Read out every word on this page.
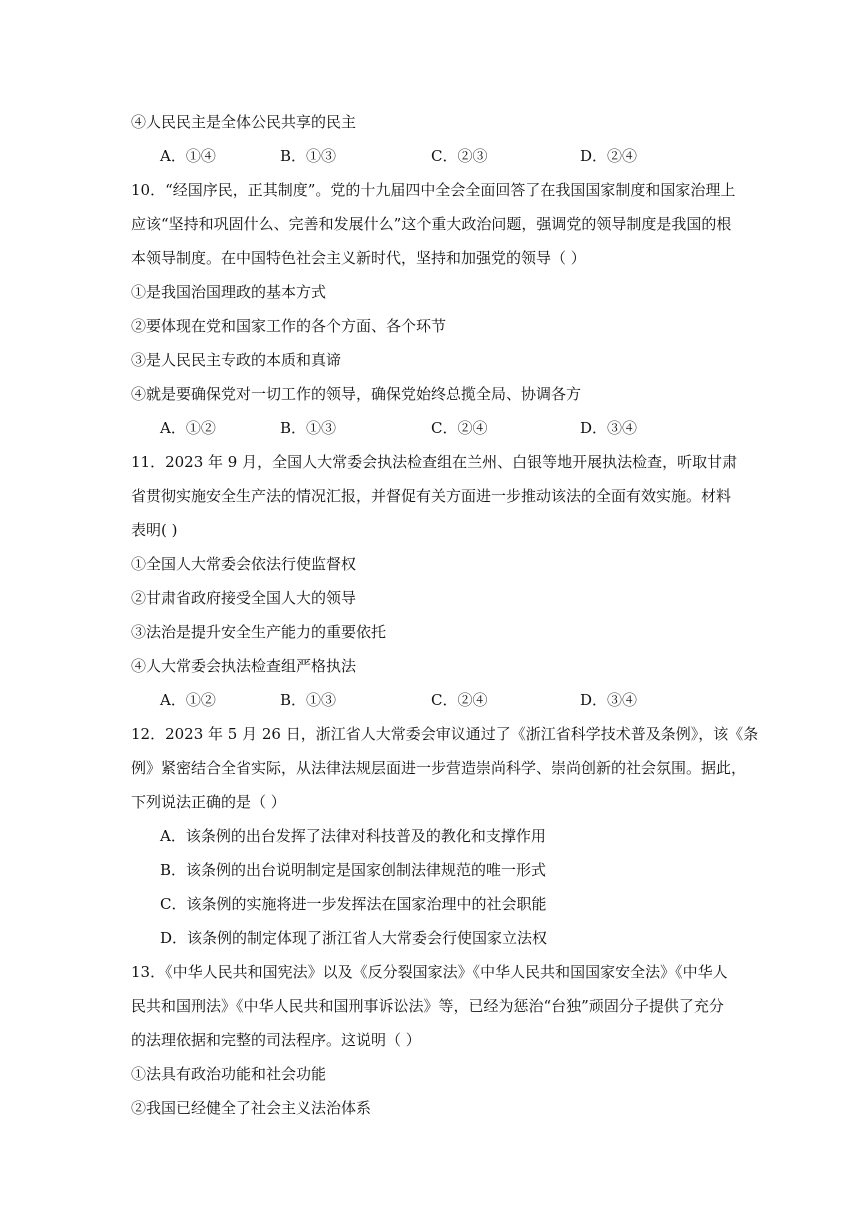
④人民民主是全体公民共享的民主
A．①④	B．①③	C．②③	D．②④
10．“经国序民，正其制度”。党的十九届四中全会全面回答了在我国国家制度和国家治理上
应该“坚持和巩固什么、完善和发展什么”这个重大政治问题，强调党的领导制度是我国的根
本领导制度。在中国特色社会主义新时代，坚持和加强党的领导（ ）
①是我国治国理政的基本方式
②要体现在党和国家工作的各个方面、各个环节
③是人民民主专政的本质和真谛
④就是要确保党对一切工作的领导，确保党始终总揽全局、协调各方
A．①②	B．①③	C．②④	D．③④
11．2023 年 9 月，全国人大常委会执法检查组在兰州、白银等地开展执法检查，听取甘肃
省贯彻实施安全生产法的情况汇报，并督促有关方面进一步推动该法的全面有效实施。材料
表明( )
①全国人大常委会依法行使监督权
②甘肃省政府接受全国人大的领导
③法治是提升安全生产能力的重要依托
④人大常委会执法检查组严格执法
A．①②	B．①③	C．②④	D．③④
12．2023 年 5 月 26 日，浙江省人大常委会审议通过了《浙江省科学技术普及条例》，该《条
例》紧密结合全省实际，从法律法规层面进一步营造崇尚科学、崇尚创新的社会氛围。据此，
下列说法正确的是（ ）
A．该条例的出台发挥了法律对科技普及的教化和支撑作用
B．该条例的出台说明制定是国家创制法律规范的唯一形式
C．该条例的实施将进一步发挥法在国家治理中的社会职能
D．该条例的制定体现了浙江省人大常委会行使国家立法权
13．《中华人民共和国宪法》以及《反分裂国家法》《中华人民共和国国家安全法》《中华人
民共和国刑法》《中华人民共和国刑事诉讼法》等，已经为惩治“台独”顽固分子提供了充分
的法理依据和完整的司法程序。这说明（ ）
①法具有政治功能和社会功能
②我国已经健全了社会主义法治体系
